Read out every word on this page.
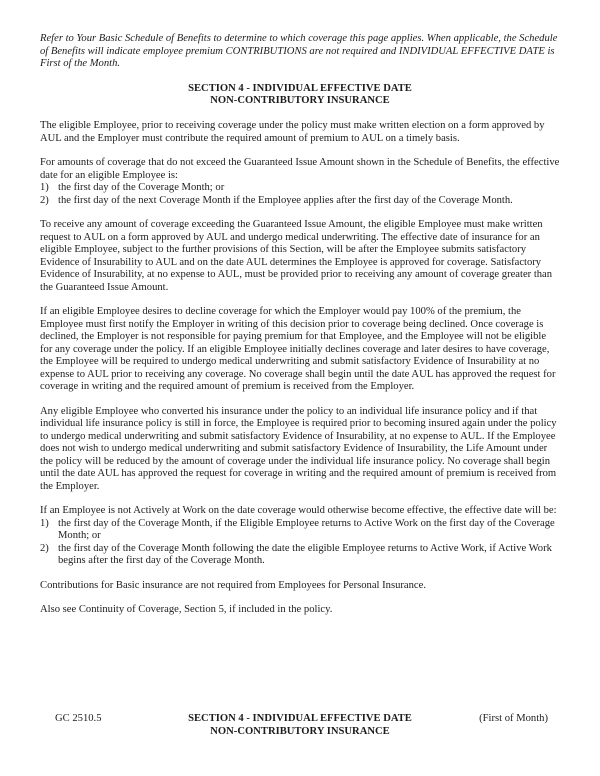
Refer to Your Basic Schedule of Benefits to determine to which coverage this page applies. When applicable, the Schedule of Benefits will indicate employee premium CONTRIBUTIONS are not required and INDIVIDUAL EFFECTIVE DATE is First of the Month.

SECTION 4 - INDIVIDUAL EFFECTIVE DATE
NON-CONTRIBUTORY INSURANCE

The eligible Employee, prior to receiving coverage under the policy must make written election on a form approved by AUL and the Employer must contribute the required amount of premium to AUL on a timely basis.

For amounts of coverage that do not exceed the Guaranteed Issue Amount shown in the Schedule of Benefits, the effective date for an eligible Employee is:

1) the first day of the Coverage Month; or
2) the first day of the next Coverage Month if the Employee applies after the first day of the Coverage Month.

To receive any amount of coverage exceeding the Guaranteed Issue Amount, the eligible Employee must make written request to AUL on a form approved by AUL and undergo medical underwriting. The effective date of insurance for an eligible Employee, subject to the further provisions of this Section, will be after the Employee submits satisfactory Evidence of Insurability to AUL and on the date AUL determines the Employee is approved for coverage. Satisfactory Evidence of Insurability, at no expense to AUL, must be provided prior to receiving any amount of coverage greater than the Guaranteed Issue Amount.

If an eligible Employee desires to decline coverage for which the Employer would pay 100% of the premium, the Employee must first notify the Employer in writing of this decision prior to coverage being declined. Once coverage is declined, the Employer is not responsible for paying premium for that Employee, and the Employee will not be eligible for any coverage under the policy. If an eligible Employee initially declines coverage and later desires to have coverage, the Employee will be required to undergo medical underwriting and submit satisfactory Evidence of Insurability at no expense to AUL prior to receiving any coverage. No coverage shall begin until the date AUL has approved the request for coverage in writing and the required amount of premium is received from the Employer.

Any eligible Employee who converted his insurance under the policy to an individual life insurance policy and if that individual life insurance policy is still in force, the Employee is required prior to becoming insured again under the policy to undergo medical underwriting and submit satisfactory Evidence of Insurability, at no expense to AUL. If the Employee does not wish to undergo medical underwriting and submit satisfactory Evidence of Insurability, the Life Amount under the policy will be reduced by the amount of coverage under the individual life insurance policy. No coverage shall begin until the date AUL has approved the request for coverage in writing and the required amount of premium is received from the Employer.

If an Employee is not Actively at Work on the date coverage would otherwise become effective, the effective date will be:

1) the first day of the Coverage Month, if the Eligible Employee returns to Active Work on the first day of the Coverage Month; or
2) the first day of the Coverage Month following the date the eligible Employee returns to Active Work, if Active Work begins after the first day of the Coverage Month.

Contributions for Basic insurance are not required from Employees for Personal Insurance.

Also see Continuity of Coverage, Section 5, if included in the policy.

GC 2510.5	SECTION 4 - INDIVIDUAL EFFECTIVE DATE
NON-CONTRIBUTORY INSURANCE
(First of Month)
